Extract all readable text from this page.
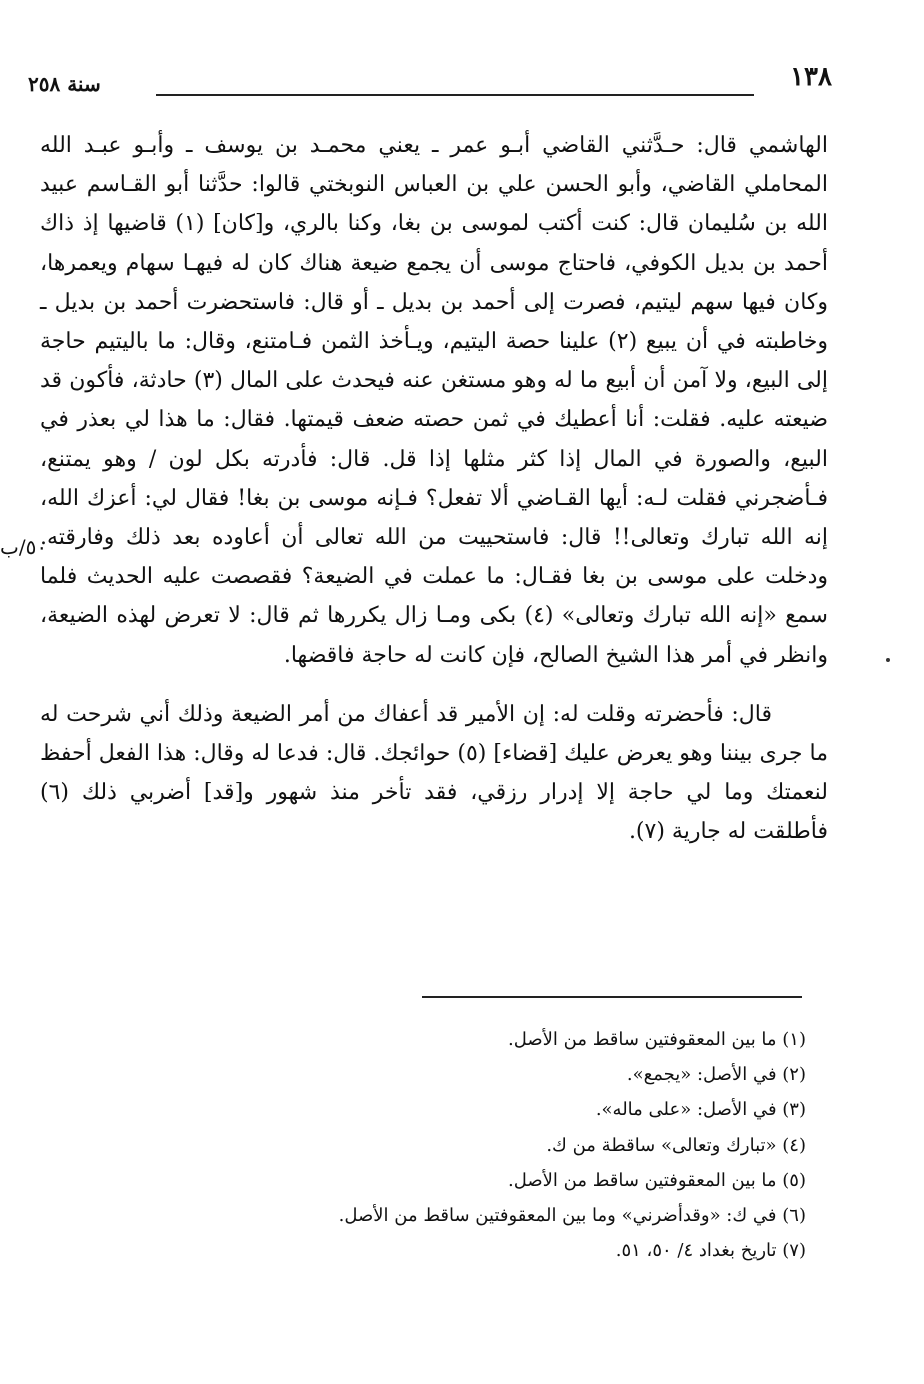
١٣٨
سنة ٢٥٨
٥٠/ب

الهاشمي قال: حـدَّثني القاضي أبـو عمر ـ يعني محمـد بن يوسف ـ وأبـو عبـد الله المحاملي القاضي، وأبو الحسن علي بن العباس النوبختي قالوا: حدَّثنا أبو القـاسم عبيد الله بن سُليمان قال: كنت أكتب لموسى بن بغا، وكنا بالري، و[كان] (١) قاضيها إذ ذاك أحمد بن بديل الكوفي، فاحتاج موسى أن يجمع ضيعة هناك كان له فيهـا سهام ويعمرها، وكان فيها سهم ليتيم، فصرت إلى أحمد بن بديل ـ أو قال: فاستحضرت أحمد بن بديل ـ وخاطبته في أن يبيع (٢) علينا حصة اليتيم، ويـأخذ الثمن فـامتنع، وقال: ما باليتيم حاجة إلى البيع، ولا آمن أن أبيع ما له وهو مستغن عنه فيحدث على المال (٣) حادثة، فأكون قد ضيعته عليه. فقلت: أنا أعطيك في ثمن حصته ضعف قيمتها. فقال: ما هذا لي بعذر في البيع، والصورة في المال إذا كثر مثلها إذا قل. قال: فأدرته بكل لون / وهو يمتنع، فـأضجرني فقلت لـه: أيها القـاضي ألا تفعل؟ فـإنه موسى بن بغا! فقال لي: أعزك الله، إنه الله تبارك وتعالى!! قال: فاستحييت من الله تعالى أن أعاوده بعد ذلك وفارقته. ودخلت على موسى بن بغا فقـال: ما عملت في الضيعة؟ فقصصت عليه الحديث فلما سمع «إنه الله تبارك وتعالى» (٤) بكى ومـا زال يكررها ثم قال: لا تعرض لهذه الضيعة، وانظر في أمر هذا الشيخ الصالح، فإن كانت له حاجة فاقضها.

قال: فأحضرته وقلت له: إن الأمير قد أعفاك من أمر الضيعة وذلك أني شرحت له ما جرى بيننا وهو يعرض عليك [قضاء] (٥) حوائجك. قال: فدعا له وقال: هذا الفعل أحفظ لنعمتك وما لي حاجة إلا إدرار رزقي، فقد تأخر منذ شهور و[قد] أضربي ذلك (٦) فأطلقت له جارية (٧).

(١) ما بين المعقوفتين ساقط من الأصل.
(٢) في الأصل: «يجمع».
(٣) في الأصل: «على ماله».
(٤) «تبارك وتعالى» ساقطة من ك.
(٥) ما بين المعقوفتين ساقط من الأصل.
(٦) في ك: «وقدأضرني» وما بين المعقوفتين ساقط من الأصل.
(٧) تاريخ بغداد ٤/ ٥٠، ٥١.
